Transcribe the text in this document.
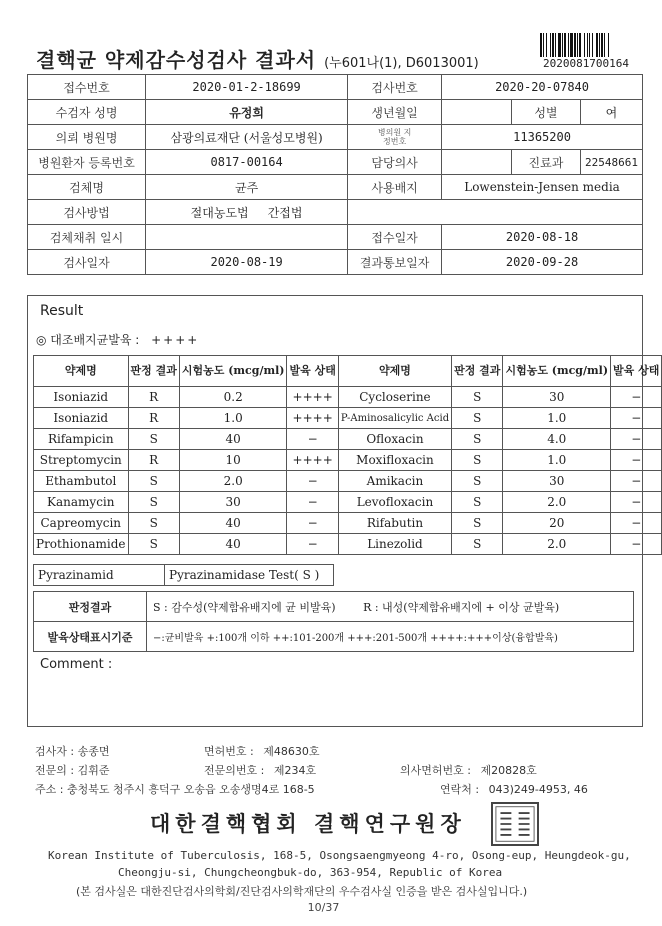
결핵균 약제감수성검사 결과서 (누601나(1), D6013001)	2020081700164
접수번호	2020-01-2-18699	검사번호	2020-20-07840		
수검자 성명	유정희	생년월일		성별	여
의뢰 병원명	삼광의료재단 (서울성모병원)	병의원 지정번호	11365200		
병원환자 등록번호	0817-00164	담당의사		진료과	22548661
검체명	균주	사용배지	Lowenstein-Jensen media		
검사방법	절대농도법 간접법				
검체채취 일시		접수일자	2020-08-18		
검사일자	2020-08-19	결과통보일자	2020-09-28		
Result
◎ 대조배지균발육 : ++++
약제명	판정 결과	시험농도 (mcg/ml)	발육 상태	약제명	판정 결과	시험농도 (mcg/ml)	발육 상태
Isoniazid	R	0.2	++++	Cycloserine	S	30	−
Isoniazid	R	1.0	++++	P-Aminosalicylic Acid	S	1.0	−
Rifampicin	S	40	−	Ofloxacin	S	4.0	−
Streptomycin	R	10	++++	Moxifloxacin	S	1.0	−
Ethambutol	S	2.0	−	Amikacin	S	30	−
Kanamycin	S	30	−	Levofloxacin	S	2.0	−
Capreomycin	S	40	−	Rifabutin	S	20	−
Prothionamide	S	40	−	Linezolid	S	2.0	−
Pyrazinamid	Pyrazinamidase Test( S )
판정결과	S : 감수성(약제함유배지에 균 비발육) R : 내성(약제함유배지에 + 이상 균발육)
발육상태표시기준	−:균비발육 +:100개 이하 ++:101-200개 +++:201-500개 ++++:+++이상(융합발육)
Comment :
검사자 : 송종면	면허번호 : 제48630호
전문의 : 김휘준	전문의번호 : 제234호	의사면허번호 : 제20828호
주소 : 충청북도 청주시 흥덕구 오송읍 오송생명4로 168-5	연락처 : 043)249-4953, 46
대한결핵협회 결핵연구원장
Korean Institute of Tuberculosis, 168-5, Osongsaengmyeong 4-ro, Osong-eup, Heungdeok-gu,
Cheongju-si, Chungcheongbuk-do, 363-954, Republic of Korea
(본 검사실은 대한진단검사의학회/진단검사의학재단의 우수검사실 인증을 받은 검사실입니다.)
10/37
